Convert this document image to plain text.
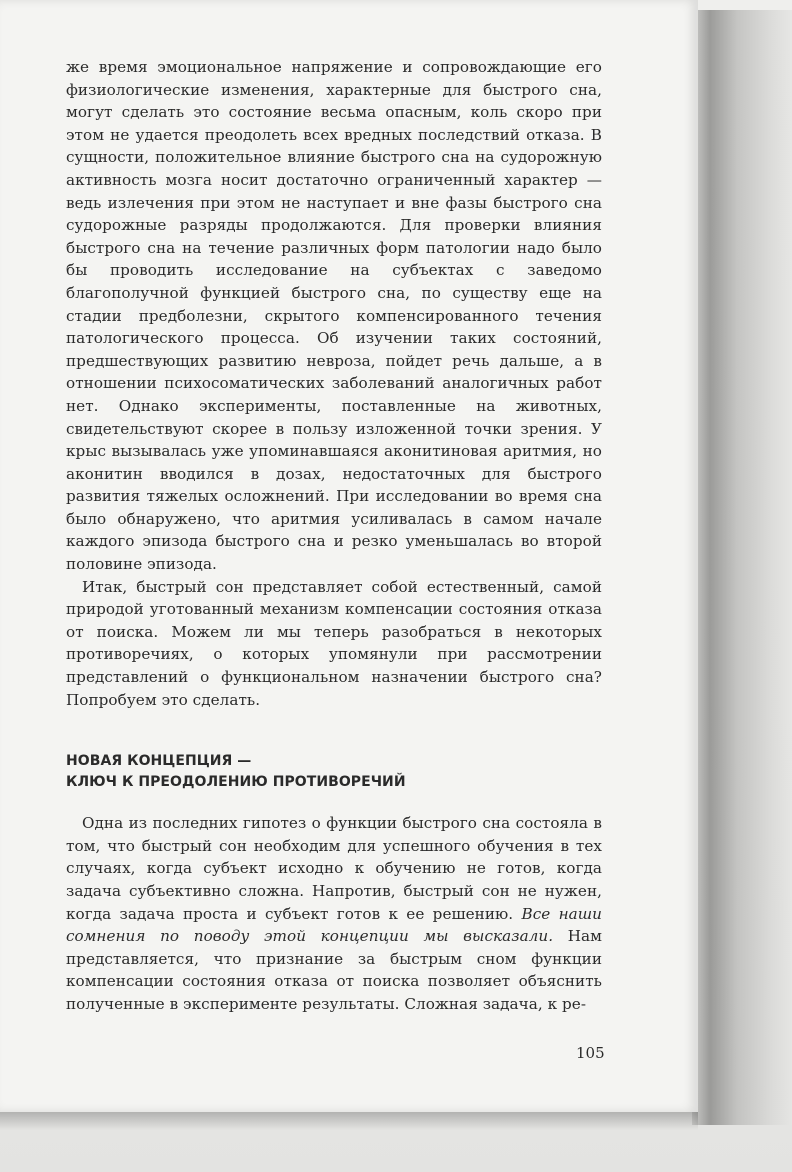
же время эмоциональное напряжение и сопровождающие его физиологические изменения, характерные для быстрого сна, могут сделать это состояние весьма опасным, коль скоро при этом не удается преодолеть всех вредных последствий отказа. В сущности, положительное влияние быстрого сна на судорожную активность мозга носит достаточно ограниченный характер — ведь излечения при этом не наступает и вне фазы быстрого сна судорожные разряды продолжаются. Для проверки влияния быстрого сна на течение различных форм патологии надо было бы проводить исследование на субъектах с заведомо благополучной функцией быстрого сна, по существу еще на стадии предболезни, скрытого компенсированного течения патологического процесса. Об изучении таких состояний, предшествующих развитию невроза, пойдет речь дальше, а в отношении психосоматических заболеваний аналогичных работ нет. Однако эксперименты, поставленные на животных, свидетельствуют скорее в пользу изложенной точки зрения. У крыс вызывалась уже упоминавшаяся аконитиновая аритмия, но аконитин вводился в дозах, недостаточных для быстрого развития тяжелых осложнений. При исследовании во время сна было обнаружено, что аритмия усиливалась в самом начале каждого эпизода быстрого сна и резко уменьшалась во второй половине эпизода.

Итак, быстрый сон представляет собой естественный, самой природой уготованный механизм компенсации состояния отказа от поиска. Можем ли мы теперь разобраться в некоторых противоречиях, о которых упомянули при рассмотрении представлений о функциональном назначении быстрого сна? Попробуем это сделать.

НОВАЯ КОНЦЕПЦИЯ —
КЛЮЧ К ПРЕОДОЛЕНИЮ ПРОТИВОРЕЧИЙ

Одна из последних гипотез о функции быстрого сна состояла в том, что быстрый сон необходим для успешного обучения в тех случаях, когда субъект исходно к обучению не готов, когда задача субъективно сложна. Напротив, быстрый сон не нужен, когда задача проста и субъект готов к ее решению. Все наши сомнения по поводу этой концепции мы высказали. Нам представляется, что признание за быстрым сном функции компенсации состояния отказа от поиска позволяет объяснить полученные в эксперименте результаты. Сложная задача, к ре-

105
